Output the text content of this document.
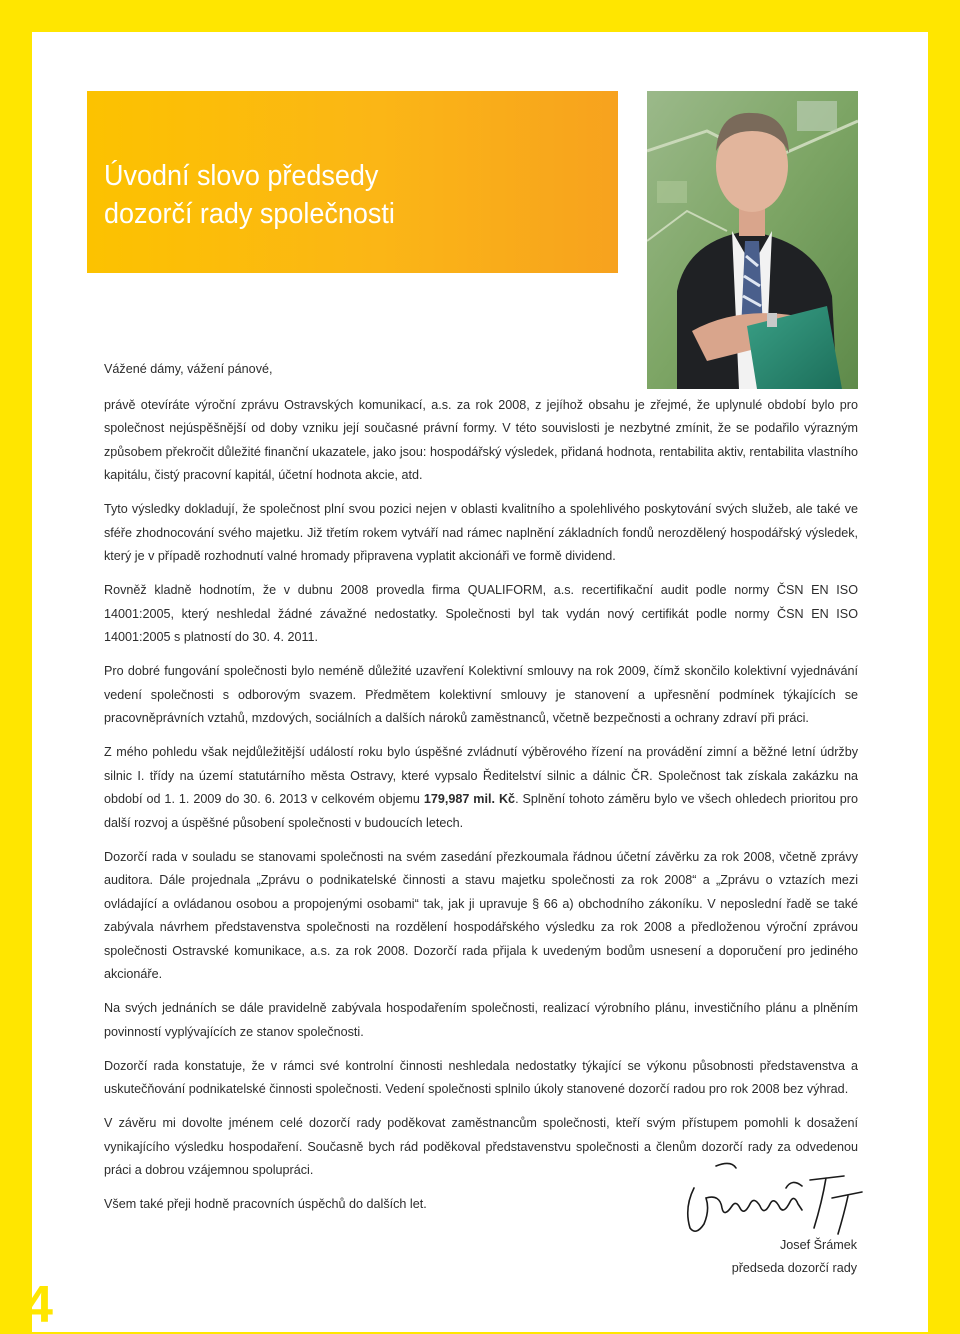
Úvodní slovo předsedy
dozorčí rady společnosti

Vážené dámy, vážení pánové,

právě otevíráte výroční zprávu Ostravských komunikací, a.s. za rok 2008, z jejíhož obsahu je zřejmé, že uplynulé období bylo pro společnost nejúspěšnější od doby vzniku její současné právní formy. V této souvislosti je nezbytné zmínit, že se podařilo výrazným způsobem překročit důležité finanční ukazatele, jako jsou: hospodářský výsledek, přidaná hodnota, rentabilita aktiv, rentabilita vlastního kapitálu, čistý pracovní kapitál, účetní hodnota akcie, atd.

Tyto výsledky dokladují, že společnost plní svou pozici nejen v oblasti kvalitního a spolehlivého poskytování svých služeb, ale také ve sféře zhodnocování svého majetku. Již třetím rokem vytváří nad rámec naplnění základních fondů nerozdělený hospodářský výsledek, který je v případě rozhodnutí valné hromady připravena vyplatit akcionáři ve formě dividend.

Rovněž kladně hodnotím, že v dubnu 2008 provedla firma QUALIFORM, a.s. recertifikační audit podle normy ČSN EN ISO 14001:2005, který neshledal žádné závažné nedostatky. Společnosti byl tak vydán nový certifikát podle normy ČSN EN ISO 14001:2005 s platností do 30. 4. 2011.

Pro dobré fungování společnosti bylo neméně důležité uzavření Kolektivní smlouvy na rok 2009, čímž skončilo kolektivní vyjednávání vedení společnosti s odborovým svazem. Předmětem kolektivní smlouvy je stanovení a upřesnění podmínek týkajících se pracovněprávních vztahů, mzdových, sociálních a dalších nároků zaměstnanců, včetně bezpečnosti a ochrany zdraví při práci.

Z mého pohledu však nejdůležitější událostí roku bylo úspěšné zvládnutí výběrového řízení na provádění zimní a běžné letní údržby silnic I. třídy na území statutárního města Ostravy, které vypsalo Ředitelství silnic a dálnic ČR. Společnost tak získala zakázku na období od 1. 1. 2009 do 30. 6. 2013 v celkovém objemu 179,987 mil. Kč. Splnění tohoto záměru bylo ve všech ohledech prioritou pro další rozvoj a úspěšné působení společnosti v budoucích letech.

Dozorčí rada v souladu se stanovami společnosti na svém zasedání přezkoumala řádnou účetní závěrku za rok 2008, včetně zprávy auditora. Dále projednala „Zprávu o podnikatelské činnosti a stavu majetku společnosti za rok 2008“ a „Zprávu o vztazích mezi ovládající a ovládanou osobou a propojenými osobami“ tak, jak ji upravuje § 66 a) obchodního zákoníku. V neposlední řadě se také zabývala návrhem představenstva společnosti na rozdělení hospodářského výsledku za rok 2008 a předloženou výroční zprávou společnosti Ostravské komunikace, a.s. za rok 2008. Dozorčí rada přijala k uvedeným bodům usnesení a doporučení pro jediného akcionáře.

Na svých jednáních se dále pravidelně zabývala hospodařením společnosti, realizací výrobního plánu, investičního plánu a plněním povinností vyplývajících ze stanov společnosti.

Dozorčí rada konstatuje, že v rámci své kontrolní činnosti neshledala nedostatky týkající se výkonu působnosti představenstva a uskutečňování podnikatelské činnosti společnosti. Vedení společnosti splnilo úkoly stanovené dozorčí radou pro rok 2008 bez výhrad.

V závěru mi dovolte jménem celé dozorčí rady poděkovat zaměstnancům společnosti, kteří svým přístupem pomohli k dosažení vynikajícího výsledku hospodaření. Současně bych rád poděkoval představenstvu společnosti a členům dozorčí rady za odvedenou práci a dobrou vzájemnou spolupráci.

Všem také přeji hodně pracovních úspěchů do dalších let.

Josef Šrámek
předseda dozorčí rady
4
